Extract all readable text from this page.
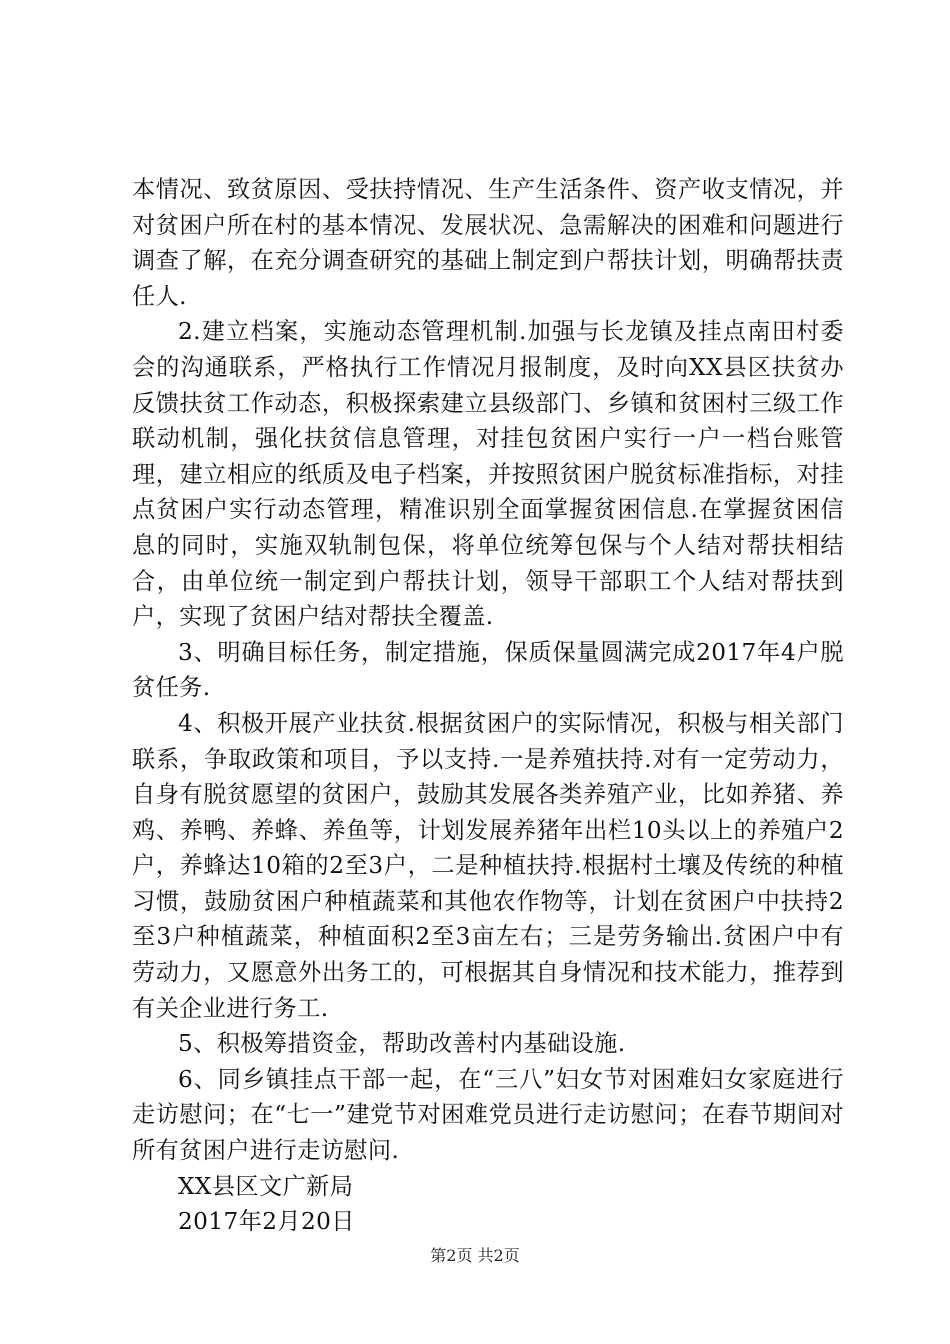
本情况、致贫原因、受扶持情况、生产生活条件、资产收支情况，并对贫困户所在村的基本情况、发展状况、急需解决的困难和问题进行调查了解，在充分调查研究的基础上制定到户帮扶计划，明确帮扶责任人.

2.建立档案，实施动态管理机制.加强与长龙镇及挂点南田村委会的沟通联系，严格执行工作情况月报制度，及时向XX县区扶贫办反馈扶贫工作动态，积极探索建立县级部门、乡镇和贫困村三级工作联动机制，强化扶贫信息管理，对挂包贫困户实行一户一档台账管理，建立相应的纸质及电子档案，并按照贫困户脱贫标准指标，对挂点贫困户实行动态管理，精准识别全面掌握贫困信息.在掌握贫困信息的同时，实施双轨制包保，将单位统筹包保与个人结对帮扶相结合，由单位统一制定到户帮扶计划，领导干部职工个人结对帮扶到户，实现了贫困户结对帮扶全覆盖.

3、明确目标任务，制定措施，保质保量圆满完成2017年4户脱贫任务.

4、积极开展产业扶贫.根据贫困户的实际情况，积极与相关部门联系，争取政策和项目，予以支持.一是养殖扶持.对有一定劳动力，自身有脱贫愿望的贫困户，鼓励其发展各类养殖产业，比如养猪、养鸡、养鸭、养蜂、养鱼等，计划发展养猪年出栏10头以上的养殖户2户，养蜂达10箱的2至3户，二是种植扶持.根据村土壤及传统的种植习惯，鼓励贫困户种植蔬菜和其他农作物等，计划在贫困户中扶持2至3户种植蔬菜，种植面积2至3亩左右；三是劳务输出.贫困户中有劳动力，又愿意外出务工的，可根据其自身情况和技术能力，推荐到有关企业进行务工.

5、积极筹措资金，帮助改善村内基础设施.

6、同乡镇挂点干部一起，在“三八”妇女节对困难妇女家庭进行走访慰问；在“七一”建党节对困难党员进行走访慰问；在春节期间对所有贫困户进行走访慰问.

XX县区文广新局

2017年2月20日

第2页 共2页
